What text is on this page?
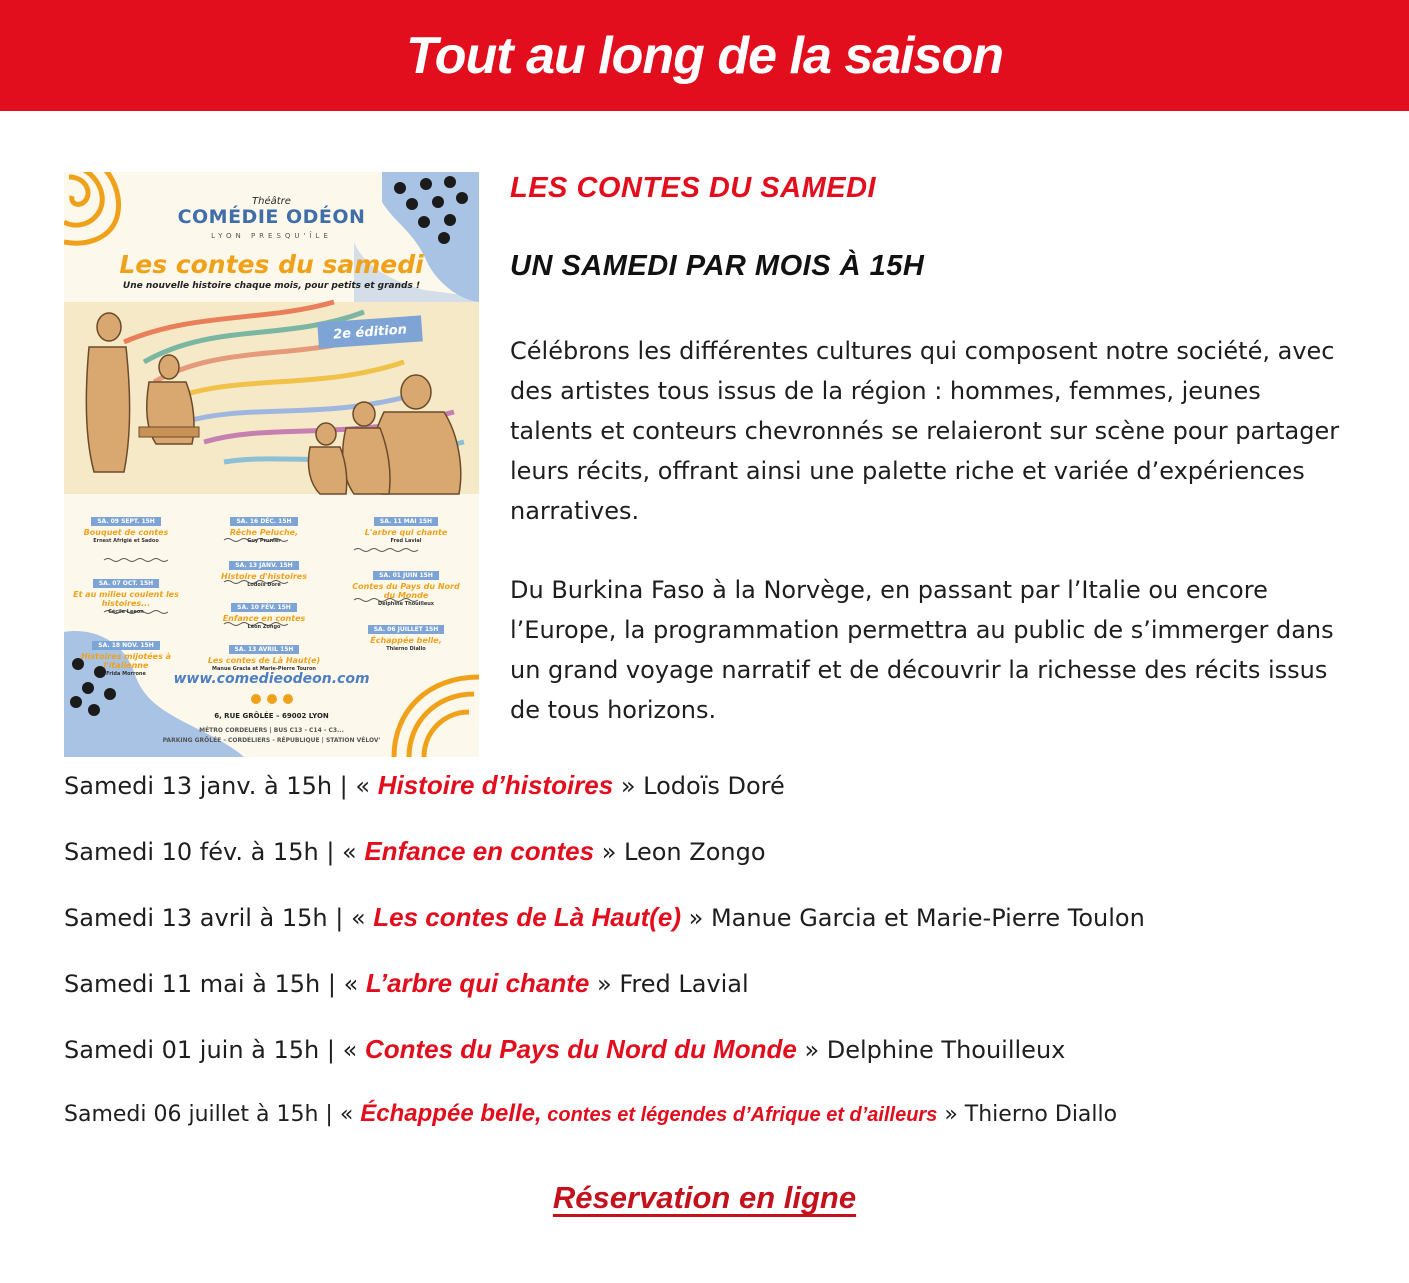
Tout au long de la saison
Théâtre
COMÉDIE ODÉON
LYON PRESQU'ÎLE
Les contes du samedi
Une nouvelle histoire chaque mois, pour petits et grands !
2e édition
SA. 09 SEPT. 15H
Bouquet de contes
Ernest Afrigié et Sadoo
SA. 07 OCT. 15H
Et au milieu coulent les histoires...
Cécile Leeon
SA. 18 NOV. 15H
Histoires mijotées à l'italienne
Frida Morrone
SA. 16 DÉC. 15H
Rêche Peluche,
Guy Prunier
SA. 13 JANV. 15H
Histoire d'histoires
Lodoïs Doré
SA. 10 FÉV. 15H
Enfance en contes
Léon Zongo
SA. 13 AVRIL 15H
Les contes de Là Haut(e)
Manue Gracia et Marie-Pierre Touron
SA. 11 MAI 15H
L'arbre qui chante
Fred Lavial
SA. 01 JUIN 15H
Contes du Pays du Nord du Monde
Delphine Thouilleux
SA. 06 JUILLET 15H
Échappée belle,
Thierno Diallo
www.comedieodeon.com
6, RUE GRÔLÉE – 69002 LYON
MÉTRO CORDELIERS | BUS C13 - C14 - C3...
PARKING GRÔLÉE - CORDELIERS - RÉPUBLIQUE | STATION VÉLOV'
LES CONTES DU SAMEDI
UN SAMEDI PAR MOIS À 15H

Célébrons les différentes cultures qui composent notre société, avec des artistes tous issus de la région : hommes, femmes, jeunes talents et conteurs chevronnés se relaieront sur scène pour partager leurs récits, offrant ainsi une palette riche et variée d’expériences narratives.

Du Burkina Faso à la Norvège, en passant par l’Italie ou encore l’Europe, la programmation permettra au public de s’immerger dans un grand voyage narratif et de découvrir la richesse des récits issus de tous horizons.

Samedi 13 janv. à 15h | « Histoire d’histoires » Lodoïs Doré
Samedi 10 fév. à 15h | « Enfance en contes » Leon Zongo
Samedi 13 avril à 15h | « Les contes de Là Haut(e) » Manue Garcia et Marie-Pierre Toulon
Samedi 11 mai à 15h | « L’arbre qui chante » Fred Lavial
Samedi 01 juin à 15h | « Contes du Pays du Nord du Monde » Delphine Thouilleux
Samedi 06 juillet à 15h | « Échappée belle, contes et légendes d’Afrique et d’ailleurs » Thierno Diallo
Réservation en ligne
